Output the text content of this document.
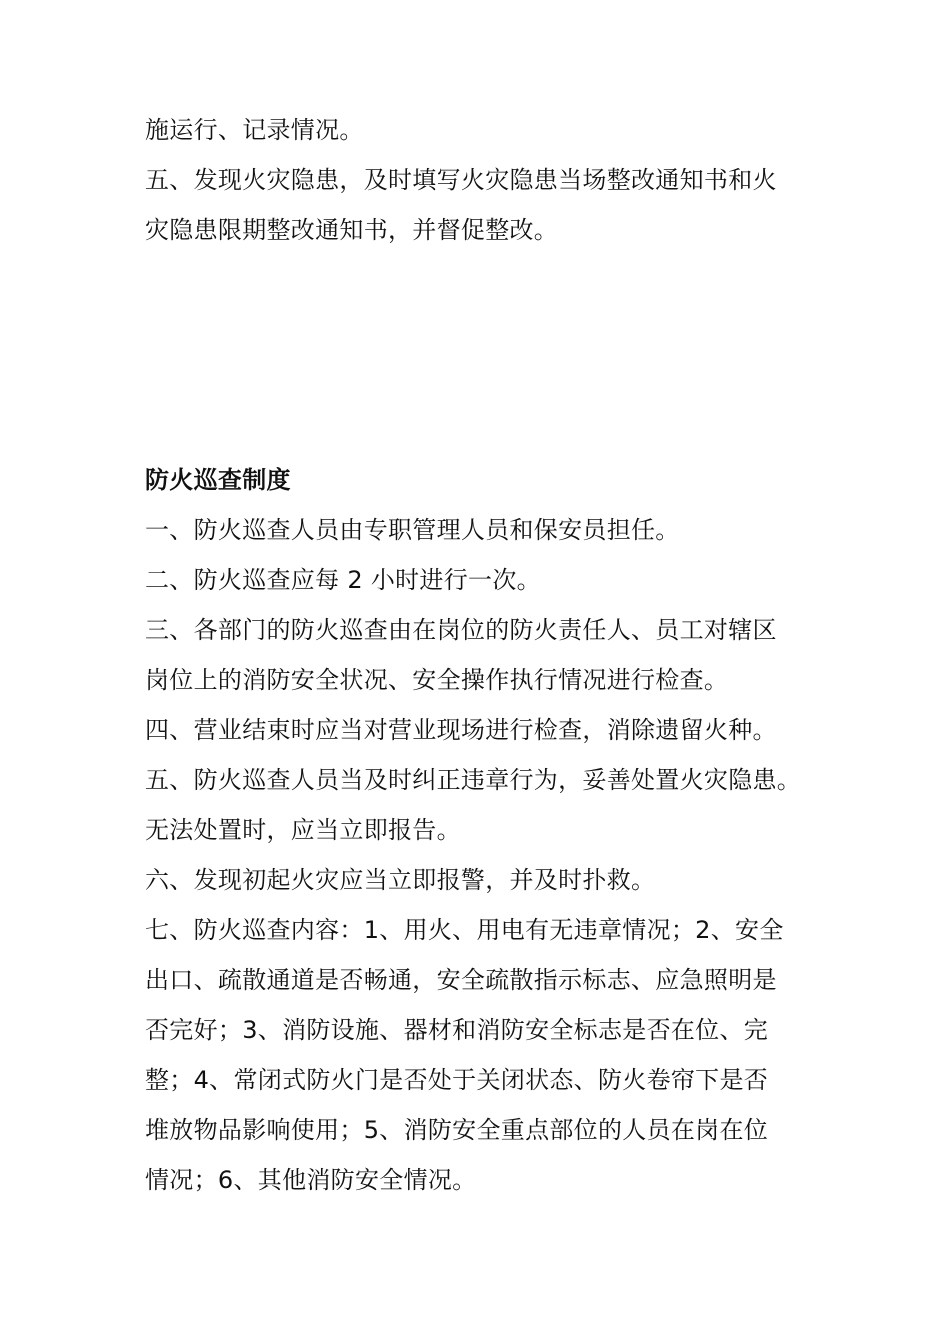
施运行、记录情况。
五、发现火灾隐患，及时填写火灾隐患当场整改通知书和火
灾隐患限期整改通知书，并督促整改。
防火巡查制度
一、防火巡查人员由专职管理人员和保安员担任。
二、防火巡查应每 2 小时进行一次。
三、各部门的防火巡查由在岗位的防火责任人、员工对辖区
岗位上的消防安全状况、安全操作执行情况进行检查。
四、营业结束时应当对营业现场进行检查，消除遗留火种。
五、防火巡查人员当及时纠正违章行为，妥善处置火灾隐患。
无法处置时，应当立即报告。
六、发现初起火灾应当立即报警，并及时扑救。
七、防火巡查内容：1、用火、用电有无违章情况；2、安全
出口、疏散通道是否畅通，安全疏散指示标志、应急照明是
否完好；3、消防设施、器材和消防安全标志是否在位、完
整；4、常闭式防火门是否处于关闭状态、防火卷帘下是否
堆放物品影响使用；5、消防安全重点部位的人员在岗在位
情况；6、其他消防安全情况。
